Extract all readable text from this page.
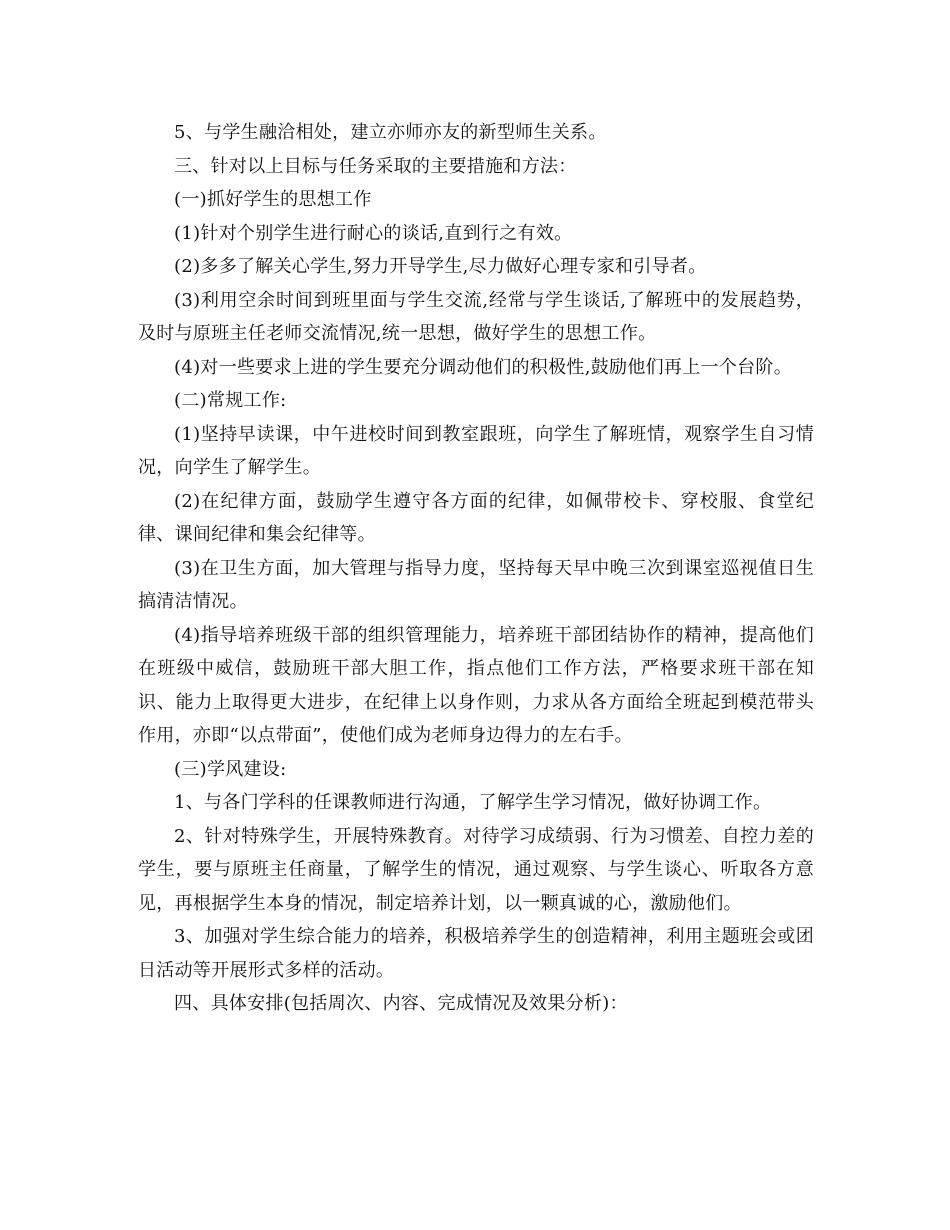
5、与学生融洽相处，建立亦师亦友的新型师生关系。

三、针对以上目标与任务采取的主要措施和方法：

(一)抓好学生的思想工作

(1)针对个别学生进行耐心的谈话,直到行之有效。

(2)多多了解关心学生,努力开导学生,尽力做好心理专家和引导者。

(3)利用空余时间到班里面与学生交流,经常与学生谈话,了解班中的发展趋势，及时与原班主任老师交流情况,统一思想，做好学生的思想工作。

(4)对一些要求上进的学生要充分调动他们的积极性,鼓励他们再上一个台阶。

(二)常规工作:

(1)坚持早读课，中午进校时间到教室跟班，向学生了解班情，观察学生自习情况，向学生了解学生。

(2)在纪律方面，鼓励学生遵守各方面的纪律，如佩带校卡、穿校服、食堂纪律、课间纪律和集会纪律等。

(3)在卫生方面，加大管理与指导力度，坚持每天早中晚三次到课室巡视值日生搞清洁情况。

(4)指导培养班级干部的组织管理能力，培养班干部团结协作的精神，提高他们在班级中威信，鼓励班干部大胆工作，指点他们工作方法，严格要求班干部在知识、能力上取得更大进步，在纪律上以身作则，力求从各方面给全班起到模范带头作用，亦即“以点带面”，使他们成为老师身边得力的左右手。

(三)学风建设:

1、与各门学科的任课教师进行沟通，了解学生学习情况，做好协调工作。

2、针对特殊学生，开展特殊教育。对待学习成绩弱、行为习惯差、自控力差的学生，要与原班主任商量，了解学生的情况，通过观察、与学生谈心、听取各方意见，再根据学生本身的情况，制定培养计划，以一颗真诚的心，激励他们。

3、加强对学生综合能力的培养，积极培养学生的创造精神，利用主题班会或团日活动等开展形式多样的活动。

四、具体安排(包括周次、内容、完成情况及效果分析)：
